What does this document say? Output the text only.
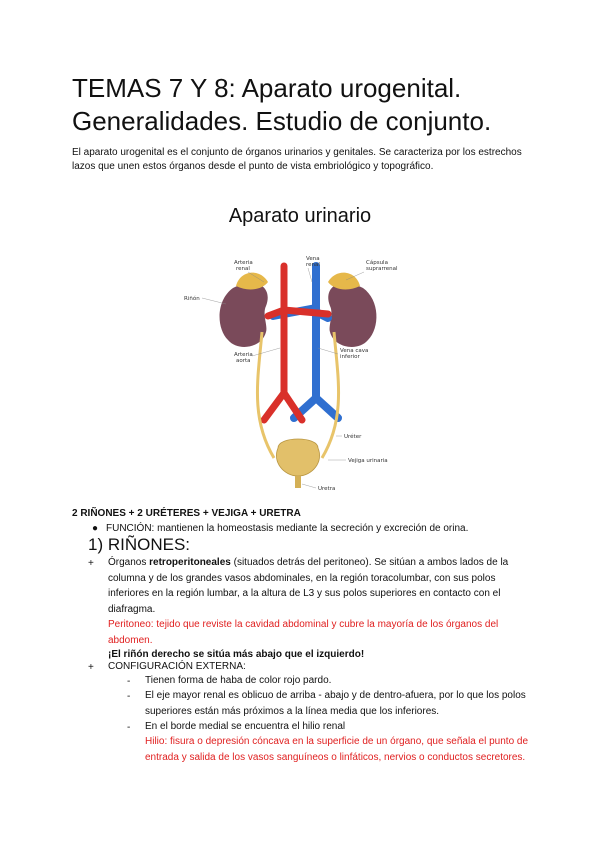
TEMAS 7 Y 8: Aparato urogenital. Generalidades. Estudio de conjunto.
El aparato urogenital es el conjunto de órganos urinarios y genitales. Se caracteriza por los estrechos lazos que unen estos órganos desde el punto de vista embriológico y topográfico.
Aparato urinario
Arteria
renal
Vena
renal	Cápsula
suprarrenal
Riñón
Arteria
aorta
Vena cava
inferior
Uréter
Vejiga urinaria
Uretra
2 RIÑONES + 2 URÉTERES + VEJIGA + URETRA
● FUNCIÓN: mantienen la homeostasis mediante la secreción y excreción de orina.
1) RIÑONES:
+ Órganos retroperitoneales (situados detrás del peritoneo). Se sitúan a ambos lados de la columna y de los grandes vasos abdominales, en la región toracolumbar, con sus polos inferiores en la región lumbar, a la altura de L3 y sus polos superiores en contacto con el diafragma.
Peritoneo: tejido que reviste la cavidad abdominal y cubre la mayoría de los órganos del abdomen.
¡El riñón derecho se sitúa más abajo que el izquierdo!
+ CONFIGURACIÓN EXTERNA:
- Tienen forma de haba de color rojo pardo.
- El eje mayor renal es oblicuo de arriba - abajo y de dentro-afuera, por lo que los polos superiores están más próximos a la línea media que los inferiores.
- En el borde medial se encuentra el hilio renal
Hilio: fisura o depresión cóncava en la superficie de un órgano, que señala el punto de entrada y salida de los vasos sanguíneos o linfáticos, nervios o conductos secretores.
